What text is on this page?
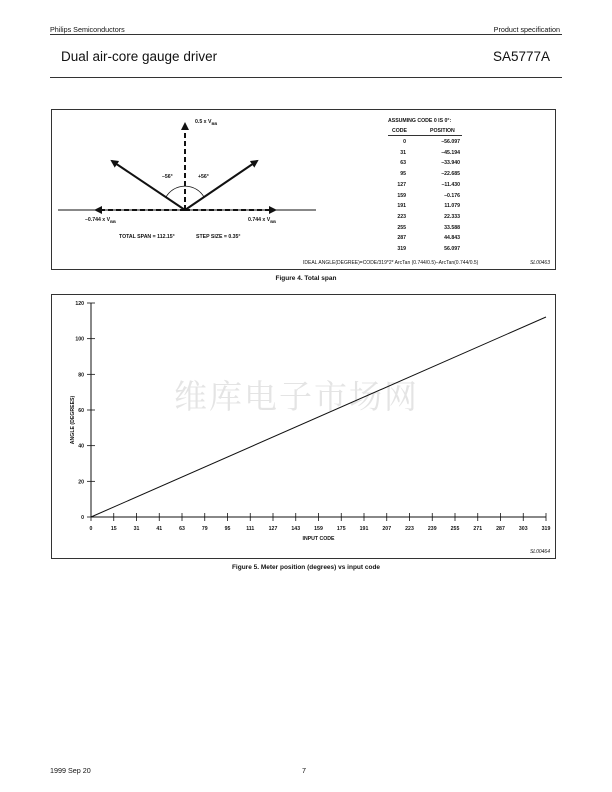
Philips Semiconductors	Product specification
Dual air-core gauge driver	SA5777A
0.5 x $V_{BB}$
–56°	+56°
–0.744 x $V_{BB}$	0.744 x $V_{BB}$
TOTAL SPAN = 112.15°	STEP SIZE = 0.35°
ASSUMING CODE 0 IS 0°:
CODE	POSITION
IDEAL ANGLE(DEGREE)=CODE/319*2* ArcTan (0.744/0.5)–ArcTan(0.744/0.5)	SL00463
0	−56.097
31	−45.194
63	−33.940
95	−22.685
127	−11.430
159	−0.176
191	11.079
223	22.333
255	33.588
287	44.843
319	56.097
Figure 4. Total span
维库电子市场网
0	15	31	41	63	79	95	111	127	143	159	175	191	207	223	239	255	271	287	303	319
0
20
40
60
80
100
120
INPUT CODE
ANGLE (DEGREES)
SL00464
Figure 5. Meter position (degrees) vs input code
1999 Sep 20	7
